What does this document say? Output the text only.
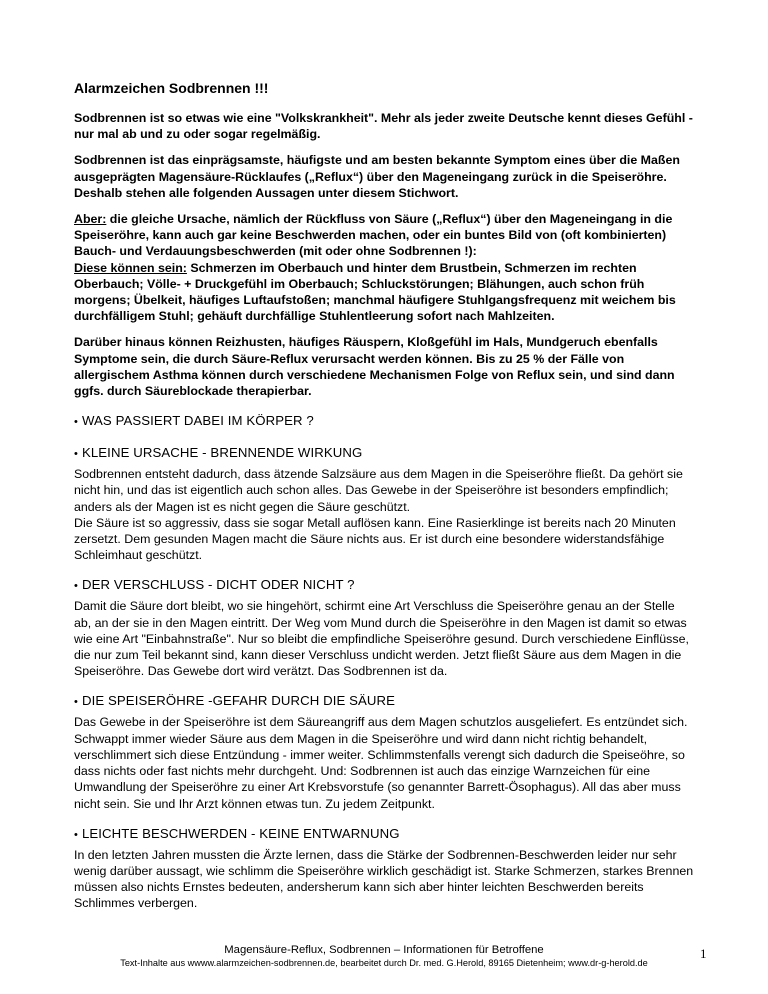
Alarmzeichen Sodbrennen !!!

Sodbrennen ist so etwas wie eine "Volkskrankheit". Mehr als jeder zweite Deutsche kennt dieses Gefühl - nur mal ab und zu oder sogar regelmäßig.

Sodbrennen ist das einprägsamste, häufigste und am besten bekannte Symptom eines über die Maßen ausgeprägten Magensäure-Rücklaufes („Reflux“) über den Mageneingang zurück in die Speiseröhre. Deshalb stehen alle folgenden Aussagen unter diesem Stichwort.

Aber: die gleiche Ursache, nämlich der Rückfluss von Säure („Reflux“) über den Mageneingang in die Speiseröhre, kann auch gar keine Beschwerden machen, oder ein buntes Bild von (oft kombinierten) Bauch- und Verdauungsbeschwerden (mit oder ohne Sodbrennen !):
Diese können sein: Schmerzen im Oberbauch und hinter dem Brustbein, Schmerzen im rechten Oberbauch; Völle- + Druckgefühl im Oberbauch; Schluckstörungen; Blähungen, auch schon früh morgens; Übelkeit, häufiges Luftaufstoßen; manchmal häufigere Stuhlgangsfrequenz mit weichem bis durchfälligem Stuhl; gehäuft durchfällige Stuhlentleerung sofort nach Mahlzeiten.

Darüber hinaus können Reizhusten, häufiges Räuspern, Kloßgefühl im Hals, Mundgeruch ebenfalls Symptome sein, die durch Säure-Reflux verursacht werden können. Bis zu 25 % der Fälle von allergischem Asthma können durch verschiedene Mechanismen Folge von Reflux sein, und sind dann ggfs. durch Säureblockade therapierbar.

• WAS PASSIERT DABEI IM KÖRPER ?
• KLEINE URSACHE - BRENNENDE WIRKUNG

Sodbrennen entsteht dadurch, dass ätzende Salzsäure aus dem Magen in die Speiseröhre fließt. Da gehört sie nicht hin, und das ist eigentlich auch schon alles. Das Gewebe in der Speiseröhre ist besonders empfindlich; anders als der Magen ist es nicht gegen die Säure geschützt.

Die Säure ist so aggressiv, dass sie sogar Metall auflösen kann. Eine Rasierklinge ist bereits nach 20 Minuten zersetzt. Dem gesunden Magen macht die Säure nichts aus. Er ist durch eine besondere widerstandsfähige Schleimhaut geschützt.

• DER VERSCHLUSS - DICHT ODER NICHT ?

Damit die Säure dort bleibt, wo sie hingehört, schirmt eine Art Verschluss die Speiseröhre genau an der Stelle ab, an der sie in den Magen eintritt. Der Weg vom Mund durch die Speiseröhre in den Magen ist damit so etwas wie eine Art "Einbahnstraße". Nur so bleibt die empfindliche Speiseröhre gesund. Durch verschiedene Einflüsse, die nur zum Teil bekannt sind, kann dieser Verschluss undicht werden. Jetzt fließt Säure aus dem Magen in die Speiseröhre. Das Gewebe dort wird verätzt. Das Sodbrennen ist da.

• DIE SPEISERÖHRE -GEFAHR DURCH DIE SÄURE

Das Gewebe in der Speiseröhre ist dem Säureangriff aus dem Magen schutzlos ausgeliefert. Es entzündet sich. Schwappt immer wieder Säure aus dem Magen in die Speiseröhre und wird dann nicht richtig behandelt, verschlimmert sich diese Entzündung - immer weiter. Schlimmstenfalls verengt sich dadurch die Speiseöhre, so dass nichts oder fast nichts mehr durchgeht. Und: Sodbrennen ist auch das einzige Warnzeichen für eine Umwandlung der Speiseröhre zu einer Art Krebsvorstufe (so genannter Barrett-Ösophagus). All das aber muss nicht sein. Sie und Ihr Arzt können etwas tun. Zu jedem Zeitpunkt.

• LEICHTE BESCHWERDEN - KEINE ENTWARNUNG

In den letzten Jahren mussten die Ärzte lernen, dass die Stärke der Sodbrennen-Beschwerden leider nur sehr wenig darüber aussagt, wie schlimm die Speiseröhre wirklich geschädigt ist. Starke Schmerzen, starkes Brennen müssen also nichts Ernstes bedeuten, andersherum kann sich aber hinter leichten Beschwerden bereits Schlimmes verbergen.

Magensäure-Reflux, Sodbrennen – Informationen für Betroffene
Text-Inhalte aus wwww.alarmzeichen-sodbrennen.de, bearbeitet durch Dr. med. G.Herold, 89165 Dietenheim; www.dr-g-herold.de
1
